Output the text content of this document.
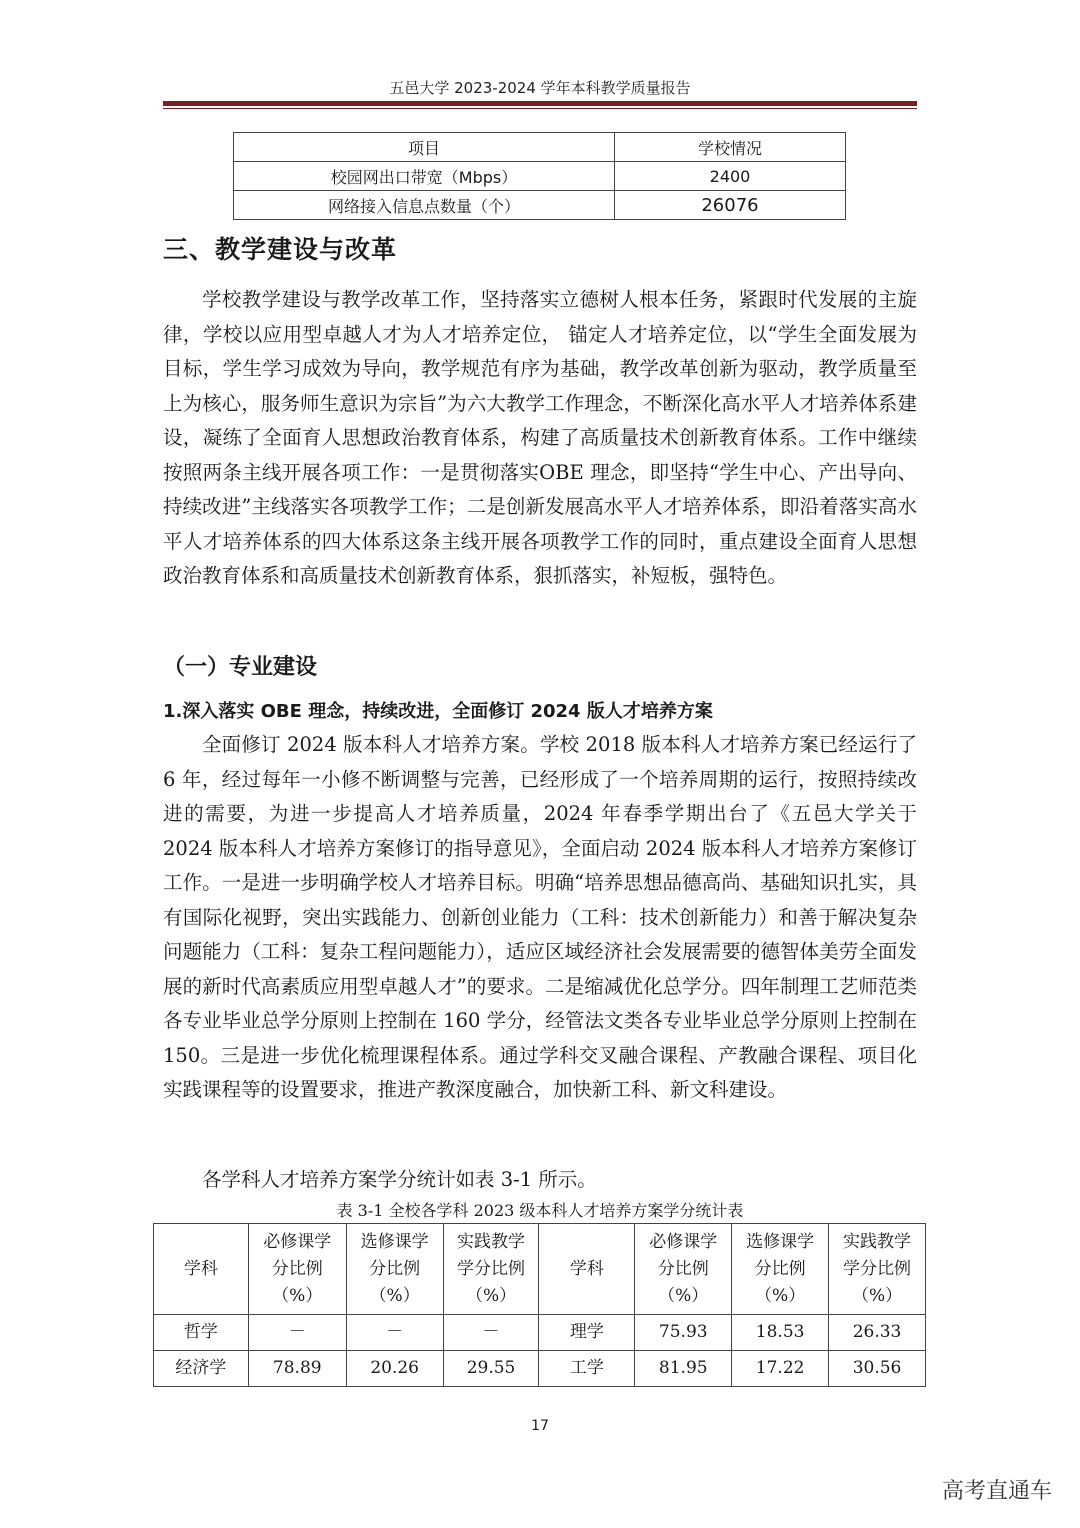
五邑大学 2023-2024 学年本科教学质量报告
项目	学校情况
校园网出口带宽（Mbps）	2400
网络接入信息点数量（个）	26076
三、教学建设与改革

学校教学建设与教学改革工作，坚持落实立德树人根本任务，紧跟时代发展的主旋律，学校以应用型卓越人才为人才培养定位， 锚定人才培养定位，以“学生全面发展为目标，学生学习成效为导向，教学规范有序为基础，教学改革创新为驱动，教学质量至上为核心，服务师生意识为宗旨”为六大教学工作理念，不断深化高水平人才培养体系建设，凝练了全面育人思想政治教育体系，构建了高质量技术创新教育体系。工作中继续按照两条主线开展各项工作：一是贯彻落实OBE 理念，即坚持“学生中心、产出导向、持续改进”主线落实各项教学工作；二是创新发展高水平人才培养体系，即沿着落实高水平人才培养体系的四大体系这条主线开展各项教学工作的同时，重点建设全面育人思想政治教育体系和高质量技术创新教育体系，狠抓落实，补短板，强特色。

（一）专业建设
1.深入落实 OBE 理念，持续改进，全面修订 2024 版人才培养方案

全面修订 2024 版本科人才培养方案。学校 2018 版本科人才培养方案已经运行了 6 年，经过每年一小修不断调整与完善，已经形成了一个培养周期的运行，按照持续改进的需要，为进一步提高人才培养质量，2024 年春季学期出台了《五邑大学关于 2024 版本科人才培养方案修订的指导意见》，全面启动 2024 版本科人才培养方案修订工作。一是进一步明确学校人才培养目标。明确“培养思想品德高尚、基础知识扎实，具有国际化视野，突出实践能力、创新创业能力（工科：技术创新能力）和善于解决复杂问题能力（工科：复杂工程问题能力），适应区域经济社会发展需要的德智体美劳全面发展的新时代高素质应用型卓越人才”的要求。二是缩减优化总学分。四年制理工艺师范类各专业毕业总学分原则上控制在 160 学分，经管法文类各专业毕业总学分原则上控制在 150。三是进一步优化梳理课程体系。通过学科交叉融合课程、产教融合课程、项目化实践课程等的设置要求，推进产教深度融合，加快新工科、新文科建设。

各学科人才培养方案学分统计如表 3-1 所示。

表 3-1 全校各学科 2023 级本科人才培养方案学分统计表
学科	必修课学
分比例
（%）	选修课学
分比例
（%）	实践教学
学分比例
（%）	学科	必修课学
分比例
（%）	选修课学
分比例
（%）	实践教学
学分比例
（%）
哲学	－	－	－	理学	75.93	18.53	26.33
经济学	78.89	20.26	29.55	工学	81.95	17.22	30.56
17
高考直通车
